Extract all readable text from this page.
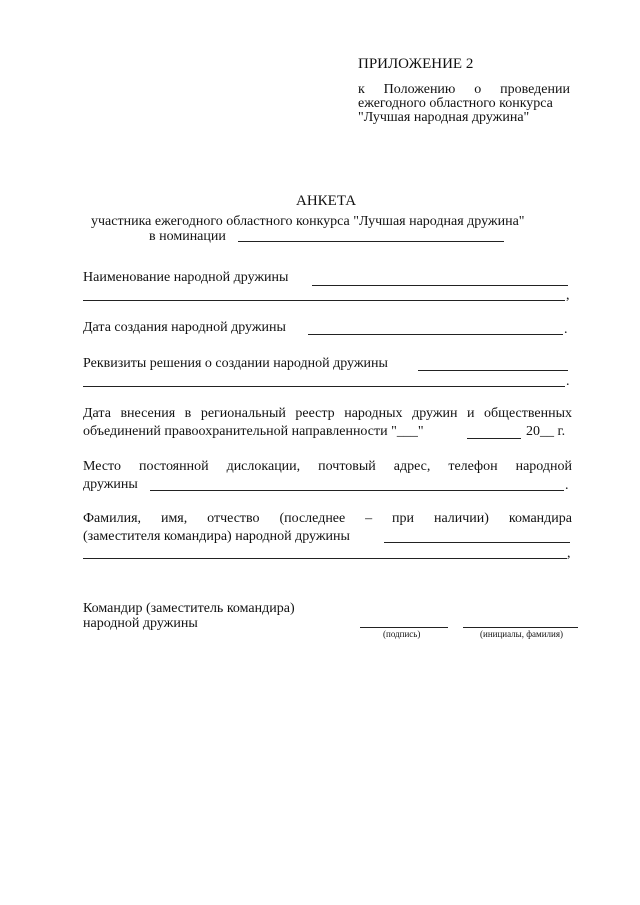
ПРИЛОЖЕНИЕ 2
к Положению о проведении
ежегодного областного конкурса
"Лучшая народная дружина"
АНКЕТА
участника ежегодного областного конкурса "Лучшая народная дружина"
в номинации
Наименование народной дружины
,
Дата создания народной дружины	.
Реквизиты решения о создании народной дружины
.
Дата внесения в региональный реестр народных дружин и общественных
объединений правоохранительной направленности "___"	20__ г.
Место постоянной дислокации, почтовый адрес, телефон народной
дружины	.
Фамилия, имя, отчество (последнее – при наличии) командира
(заместителя командира) народной дружины
,
Командир (заместитель командира)
народной дружины
(подпись)	(инициалы, фамилия)
